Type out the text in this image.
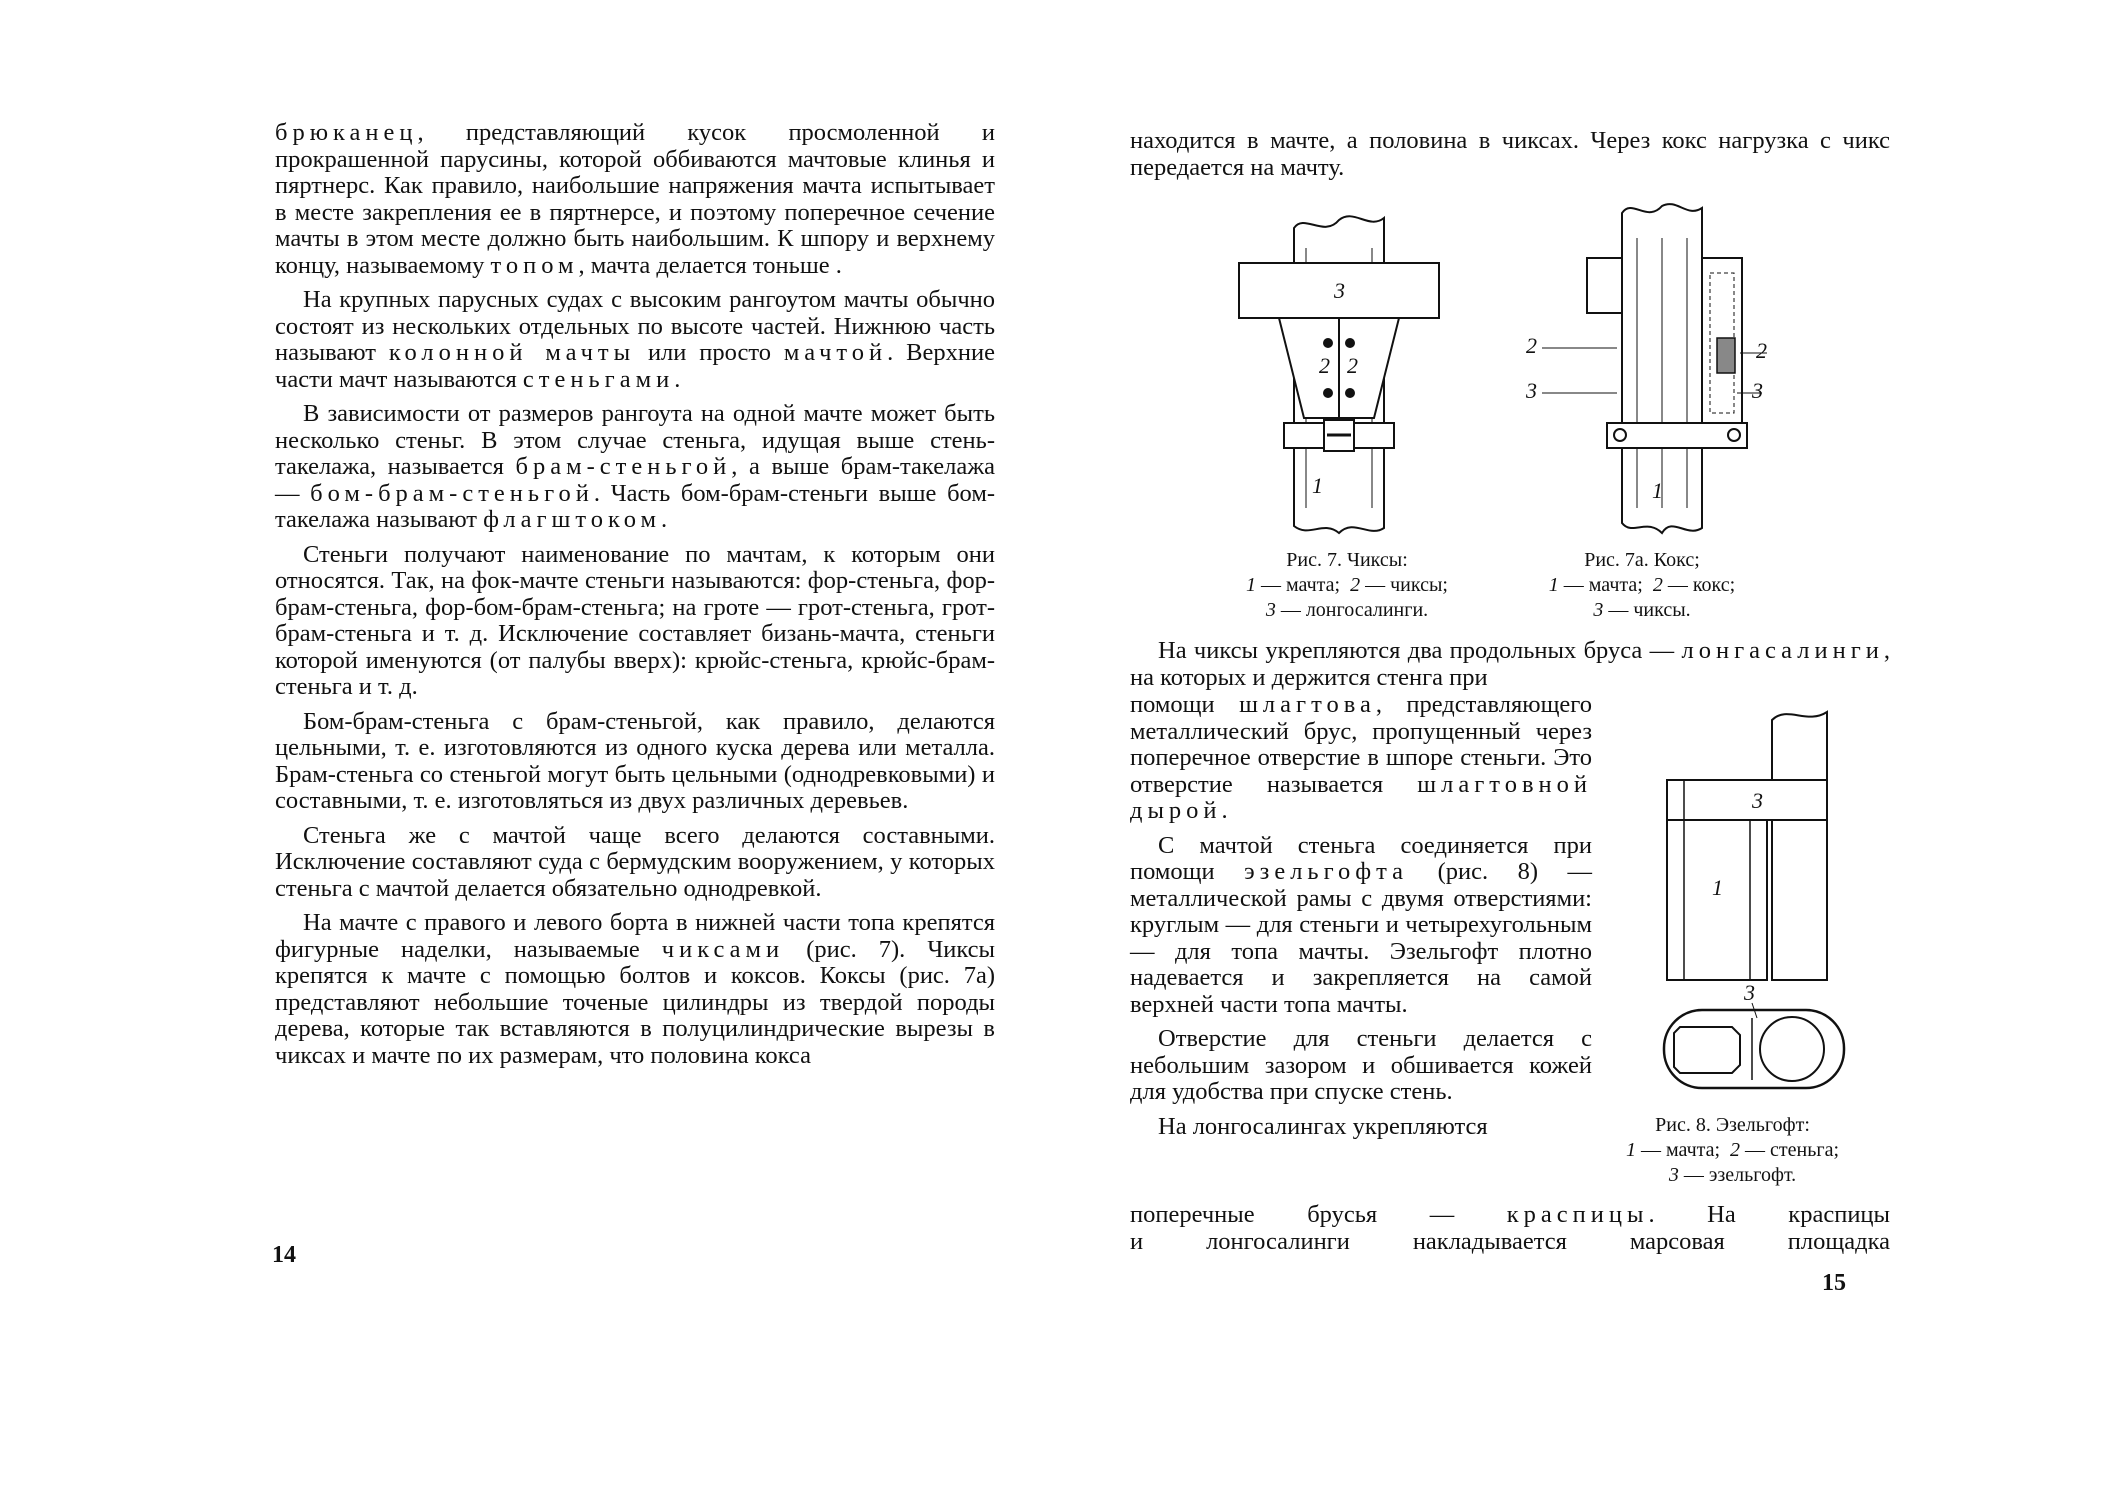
брюканец, представляющий кусок просмоленной и прокрашенной парусины, которой оббиваются мачтовые клинья и пяртнерс. Как правило, наибольшие напряжения мачта испытывает в месте закрепления ее в пяртнерсе, и поэтому поперечное сечение мачты в этом месте должно быть наибольшим. К шпору и верхнему концу, называемому топом, мачта делается тоньше .

На крупных парусных судах с высоким рангоутом мачты обычно состоят из нескольких отдельных по высоте частей. Нижнюю часть называют колонной мачты или просто мачтой. Верхние части мачт называются стеньгами.

В зависимости от размеров рангоута на одной мачте может быть несколько стеньг. В этом случае стеньга, идущая выше стень-такелажа, называется брам-стеньгой, а выше брам-такелажа — бом-брам-стеньгой. Часть бом-брам-стеньги выше бом-такелажа называют флагштоком.

Стеньги получают наименование по мачтам, к которым они относятся. Так, на фок-мачте стеньги называются: фор-стеньга, фор-брам-стеньга, фор-бом-брам-стеньга; на гроте — грот-стеньга, грот-брам-стеньга и т. д. Исключение составляет бизань-мачта, стеньги которой именуются (от палубы вверх): крюйс-стеньга, крюйс-брам-стеньга и т. д.

Бом-брам-стеньга с брам-стеньгой, как правило, делаются цельными, т. е. изготовляются из одного куска дерева или металла. Брам-стеньга со стеньгой могут быть цельными (однодревковыми) и составными, т. е. изготовляться из двух различных деревьев.

Стеньга же с мачтой чаще всего делаются составными. Исключение составляют суда с бермудским вооружением, у которых стеньга с мачтой делается обязательно однодревкой.

На мачте с правого и левого борта в нижней части топа крепятся фигурные наделки, называемые чиксами (рис. 7). Чиксы крепятся к мачте с помощью болтов и коксов. Коксы (рис. 7а) представляют небольшие точеные цилиндры из твердой породы дерева, которые так вставляются в полуцилиндрические вырезы в чиксах и мачте по их размерам, что половина кокса

14

находится в мачте, а половина в чиксах. Через кокс нагрузка с чикс передается на мачту.

3
2 2
1
Рис. 7. Чиксы:
1 — мачта; 2 — чиксы;
3 — лонгосалинги.
2
3
2
3
1
Рис. 7а. Кокс;
1 — мачта; 2 — кокс;
3 — чиксы.

На чиксы укрепляются два продольных бруса — лонгасалинги, на которых и держится стенга при

помощи шлагтова, представляющего металлический брус, пропущенный через поперечное отверстие в шпоре стеньги. Это отверстие называется шлагтовной дырой.

С мачтой стеньга соединяется при помощи эзельгофта (рис. 8) — металлической рамы с двумя отверстиями: круглым — для стеньги и четырехугольным — для топа мачты. Эзельгофт плотно надевается и закрепляется на самой верхней части топа мачты.

Отверстие для стеньги делается с небольшим зазором и обшивается кожей для удобства при спуске стень.

На лонгосалингах укрепляются

3
1
3
Рис. 8. Эзельгофт:
1 — мачта; 2 — стеньга;
3 — эзельгофт.
поперечные брусья — краспицы. На краспицы
и лонгосалинги накладывается марсовая площадка
15
